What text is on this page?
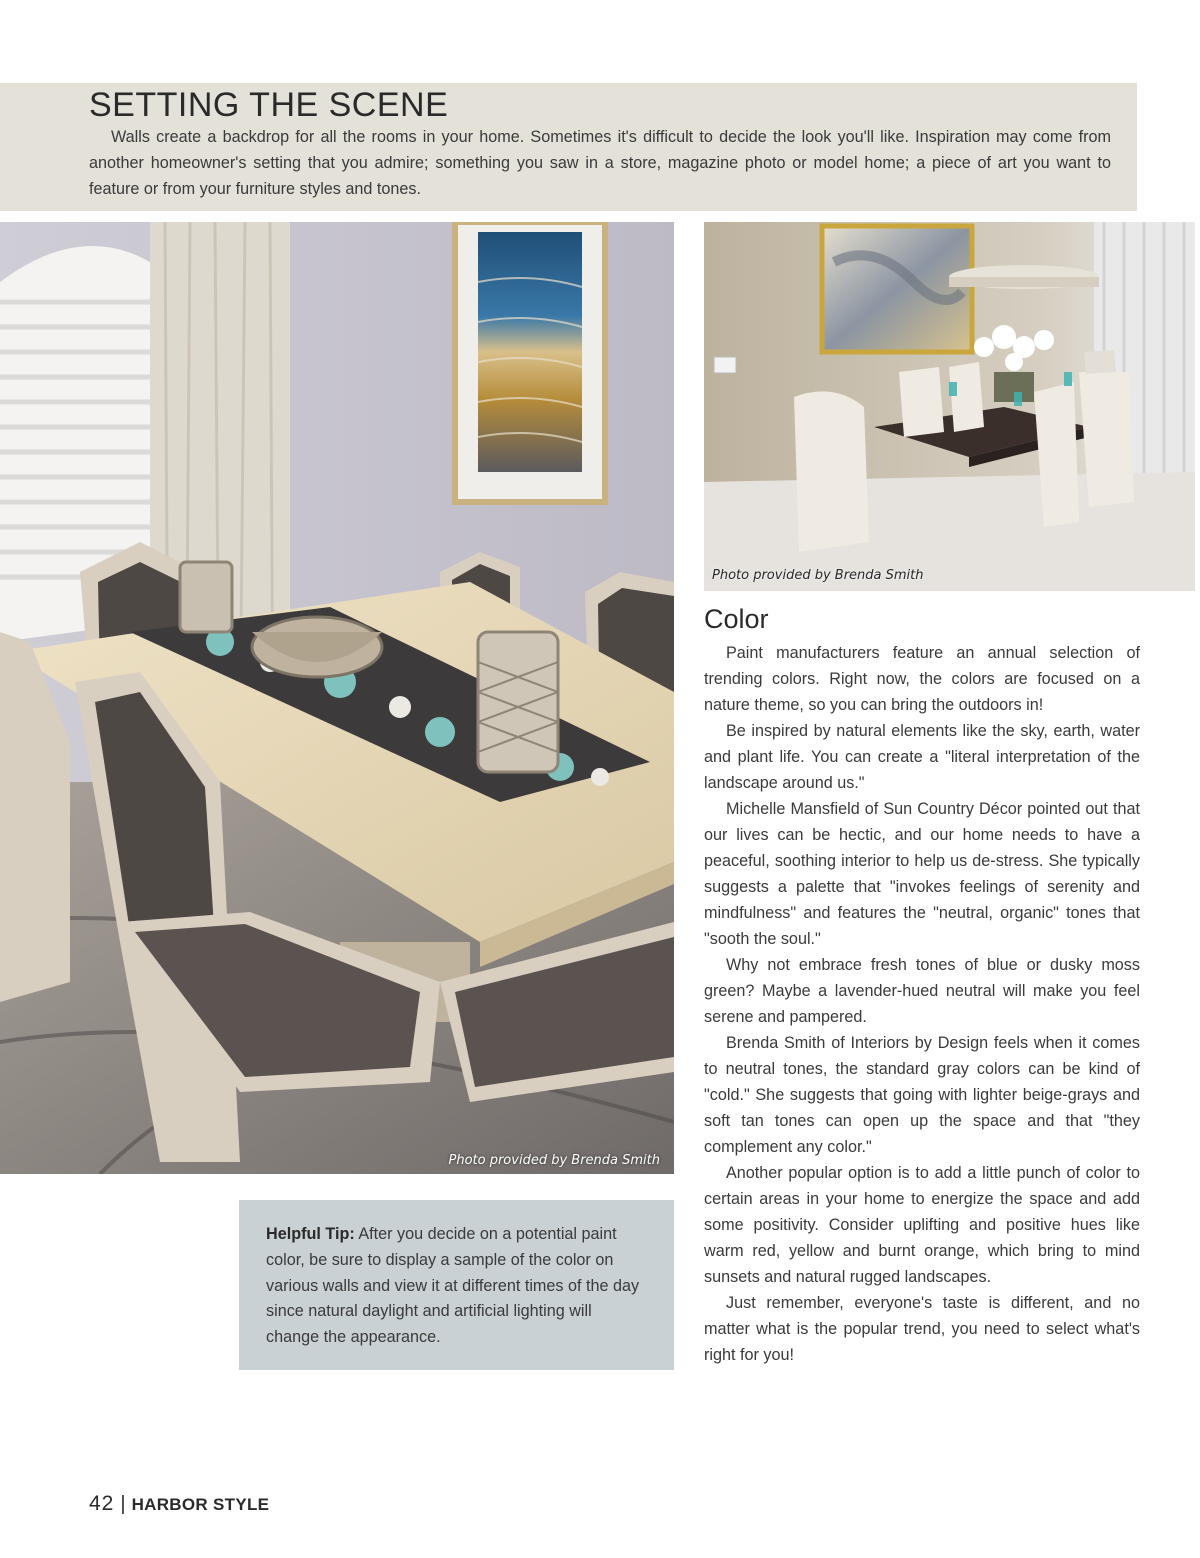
SETTING THE SCENE

Walls create a backdrop for all the rooms in your home. Sometimes it's difficult to decide the look you'll like. Inspiration may come from another homeowner's setting that you admire; something you saw in a store, magazine photo or model home; a piece of art you want to feature or from your furniture styles and tones.

Photo provided by Brenda Smith
Photo provided by Brenda Smith

Helpful Tip: After you decide on a potential paint color, be sure to display a sample of the color on various walls and view it at different times of the day since natural daylight and artificial lighting will change the appearance.

Color

Paint manufacturers feature an annual selection of trending colors. Right now, the colors are focused on a nature theme, so you can bring the outdoors in!

Be inspired by natural elements like the sky, earth, water and plant life. You can create a "literal interpretation of the landscape around us."

Michelle Mansfield of Sun Country Décor pointed out that our lives can be hectic, and our home needs to have a peaceful, soothing interior to help us de-stress. She typically suggests a palette that "invokes feelings of serenity and mindfulness" and features the "neutral, organic" tones that "sooth the soul."

Why not embrace fresh tones of blue or dusky moss green? Maybe a lavender-hued neutral will make you feel serene and pampered.

Brenda Smith of Interiors by Design feels when it comes to neutral tones, the standard gray colors can be kind of "cold." She suggests that going with lighter beige-grays and soft tan tones can open up the space and that "they complement any color."

Another popular option is to add a little punch of color to certain areas in your home to energize the space and add some positivity. Consider uplifting and positive hues like warm red, yellow and burnt orange, which bring to mind sunsets and natural rugged landscapes.

Just remember, everyone's taste is different, and no matter what is the popular trend, you need to select what's right for you!

42 | HARBOR STYLE
